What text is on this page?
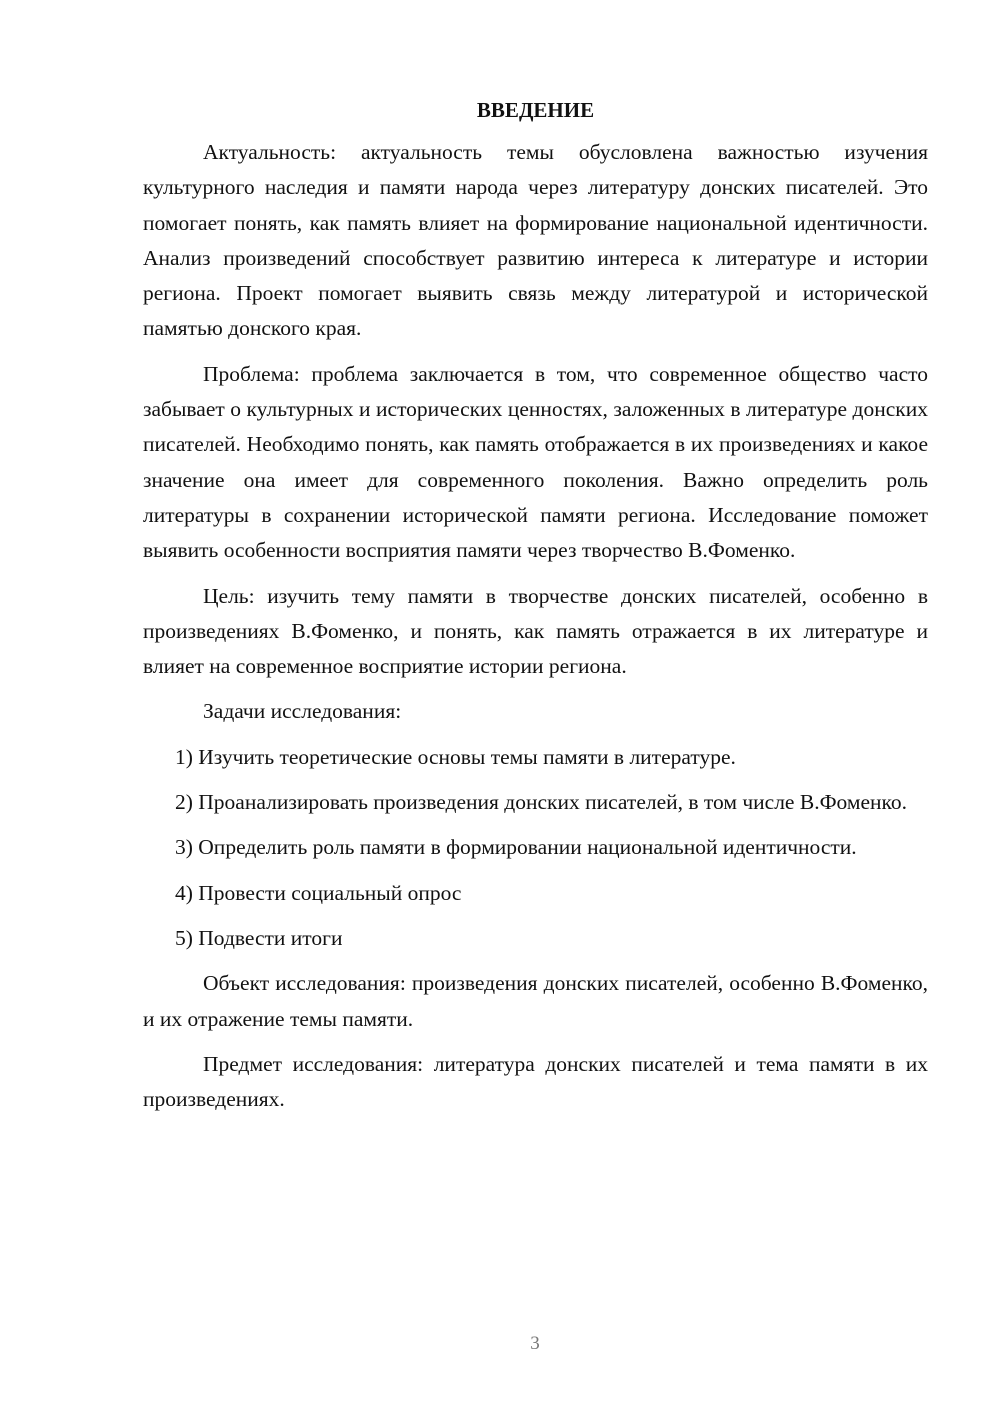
ВВЕДЕНИЕ

Актуальность: актуальность темы обусловлена важностью изучения культурного наследия и памяти народа через литературу донских писателей. Это помогает понять, как память влияет на формирование национальной идентичности. Анализ произведений способствует развитию интереса к литературе и истории региона. Проект помогает выявить связь между литературой и исторической памятью донского края.

Проблема: проблема заключается в том, что современное общество часто забывает о культурных и исторических ценностях, заложенных в литературе донских писателей. Необходимо понять, как память отображается в их произведениях и какое значение она имеет для современного поколения. Важно определить роль литературы в сохранении исторической памяти региона. Исследование поможет выявить особенности восприятия памяти через творчество В.Фоменко.

Цель: изучить тему памяти в творчестве донских писателей, особенно в произведениях В.Фоменко, и понять, как память отражается в их литературе и влияет на современное восприятие истории региона.

Задачи исследования:

1) Изучить теоретические основы темы памяти в литературе.

2) Проанализировать произведения донских писателей, в том числе В.Фоменко.

3) Определить роль памяти в формировании национальной идентичности.

4) Провести социальный опрос

5) Подвести итоги

Объект исследования: произведения донских писателей, особенно В.Фоменко, и их отражение темы памяти.

Предмет исследования: литература донских писателей и тема памяти в их произведениях.

3
